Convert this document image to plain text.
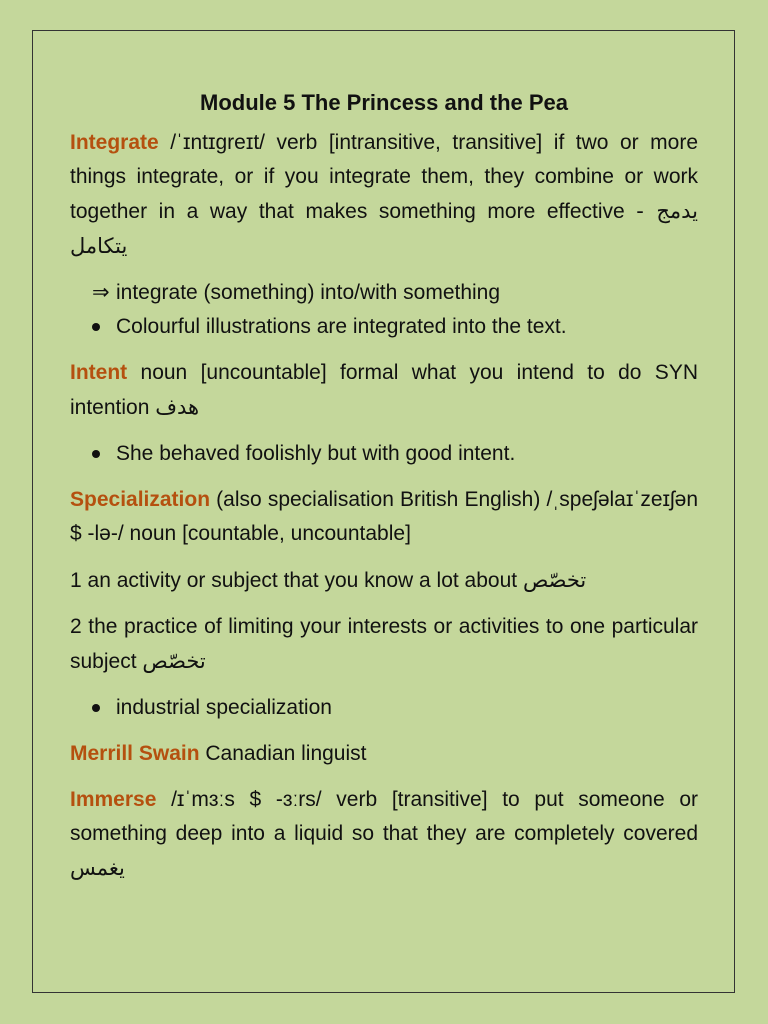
Module 5 The Princess and the Pea

Integrate /ˈɪntɪɡreɪt/ verb [intransitive, transitive] if two or more things integrate, or if you integrate them, they combine or work together in a way that makes something more effective يدمج - يتكامل

⇒ integrate (something) into/with something
Colourful illustrations are integrated into the text.

Intent noun [uncountable] formal what you intend to do SYN intention هدف

She behaved foolishly but with good intent.

Specialization (also specialisation British English) /ˌspeʃəlaɪˈzeɪʃən $ -lə-/ noun [countable, uncountable]

1 an activity or subject that you know a lot about تخصّص

2 the practice of limiting your interests or activities to one particular subject تخصّص

industrial specialization

Merrill Swain Canadian linguist

Immerse /ɪˈmɜːs $ -ɜːrs/ verb [transitive] to put someone or something deep into a liquid so that they are completely covered يغمس
